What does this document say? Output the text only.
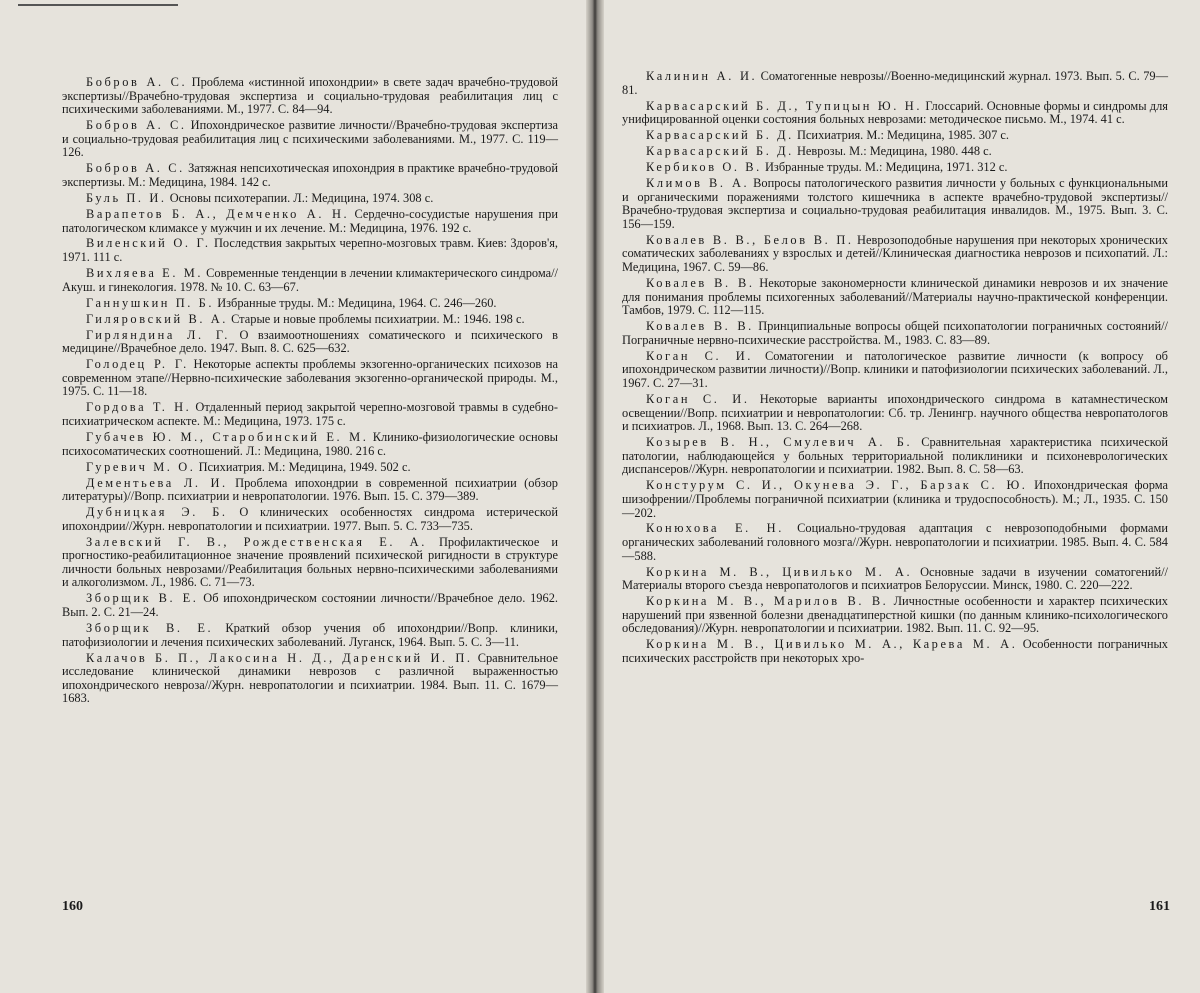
Бобров А. С. Проблема «истинной ипохондрии» в свете задач врачебно-трудовой экспертизы//Врачебно-трудовая экспертиза и социально-трудовая реабилитация лиц с психическими заболеваниями. М., 1977. С. 84—94.

Бобров А. С. Ипохондрическое развитие личности//Врачебно-трудовая экспертиза и социально-трудовая реабилитация лиц с психическими заболеваниями. М., 1977. С. 119—126.

Бобров А. С. Затяжная непсихотическая ипохондрия в практике врачебно-трудовой экспертизы. М.: Медицина, 1984. 142 с.

Буль П. И. Основы психотерапии. Л.: Медицина, 1974. 308 с.

Варапетов Б. А., Демченко А. Н. Сердечно-сосудистые нарушения при патологическом климаксе у мужчин и их лечение. М.: Медицина, 1976. 192 с.

Виленский О. Г. Последствия закрытых черепно-мозговых травм. Киев: Здоров'я, 1971. 111 с.

Вихляева Е. М. Современные тенденции в лечении климактерического синдрома//Акуш. и гинекология. 1978. № 10. С. 63—67.

Ганнушкин П. Б. Избранные труды. М.: Медицина, 1964. С. 246—260.

Гиляровский В. А. Старые и новые проблемы психиатрии. М.: 1946. 198 с.

Гирляндина Л. Г. О взаимоотношениях соматического и психического в медицине//Врачебное дело. 1947. Вып. 8. С. 625—632.

Голодец Р. Г. Некоторые аспекты проблемы экзогенно-органических психозов на современном этапе//Нервно-психические заболевания экзогенно-органической природы. М., 1975. С. 11—18.

Гордова Т. Н. Отдаленный период закрытой черепно-мозговой травмы в судебно-психиатрическом аспекте. М.: Медицина, 1973. 175 с.

Губачев Ю. М., Старобинский Е. М. Клинико-физиологические основы психосоматических соотношений. Л.: Медицина, 1980. 216 с.

Гуревич М. О. Психиатрия. М.: Медицина, 1949. 502 с.

Дементьева Л. И. Проблема ипохондрии в современной психиатрии (обзор литературы)//Вопр. психиатрии и невропатологии. 1976. Вып. 15. С. 379—389.

Дубницкая Э. Б. О клинических особенностях синдрома истерической ипохондрии//Журн. невропатологии и психиатрии. 1977. Вып. 5. С. 733—735.

Залевский Г. В., Рождественская Е. А. Профилактическое и прогностико-реабилитационное значение проявлений психической ригидности в структуре личности больных неврозами//Реабилитация больных нервно-психическими заболеваниями и алкоголизмом. Л., 1986. С. 71—73.

Зборщик В. Е. Об ипохондрическом состоянии личности//Врачебное дело. 1962. Вып. 2. С. 21—24.

Зборщик В. Е. Краткий обзор учения об ипохондрии//Вопр. клиники, патофизиологии и лечения психических заболеваний. Луганск, 1964. Вып. 5. С. 3—11.

Калачов Б. П., Лакосина Н. Д., Даренский И. П. Сравнительное исследование клинической динамики неврозов с различной выраженностью ипохондрического невроза//Журн. невропатологии и психиатрии. 1984. Вып. 11. С. 1679—1683.

160

Калинин А. И. Соматогенные неврозы//Военно-медицинский журнал. 1973. Вып. 5. С. 79—81.

Карвасарский Б. Д., Тупицын Ю. Н. Глоссарий. Основные формы и синдромы для унифицированной оценки состояния больных неврозами: методическое письмо. М., 1974. 41 с.

Карвасарский Б. Д. Психиатрия. М.: Медицина, 1985. 307 с.

Карвасарский Б. Д. Неврозы. М.: Медицина, 1980. 448 с.

Кербиков О. В. Избранные труды. М.: Медицина, 1971. 312 с.

Климов В. А. Вопросы патологического развития личности у больных с функциональными и органическими поражениями толстого кишечника в аспекте врачебно-трудовой экспертизы//Врачебно-трудовая экспертиза и социально-трудовая реабилитация инвалидов. М., 1975. Вып. 3. С. 156—159.

Ковалев В. В., Белов В. П. Неврозоподобные нарушения при некоторых хронических соматических заболеваниях у взрослых и детей//Клиническая диагностика неврозов и психопатий. Л.: Медицина, 1967. С. 59—86.

Ковалев В. В. Некоторые закономерности клинической динамики неврозов и их значение для понимания проблемы психогенных заболеваний//Материалы научно-практической конференции. Тамбов, 1979. С. 112—115.

Ковалев В. В. Принципиальные вопросы общей психопатологии пограничных состояний//Пограничные нервно-психические расстройства. М., 1983. С. 83—89.

Коган С. И. Соматогении и патологическое развитие личности (к вопросу об ипохондрическом развитии личности)//Вопр. клиники и патофизиологии психических заболеваний. Л., 1967. С. 27—31.

Коган С. И. Некоторые варианты ипохондрического синдрома в катамнестическом освещении//Вопр. психиатрии и невропатологии: Сб. тр. Ленингр. научного общества невропатологов и психиатров. Л., 1968. Вып. 13. С. 264—268.

Козырев В. Н., Смулевич А. Б. Сравнительная характеристика психической патологии, наблюдающейся у больных территориальной поликлиники и психоневрологических диспансеров//Журн. невропатологии и психиатрии. 1982. Вып. 8. С. 58—63.

Констурум С. И., Окунева Э. Г., Барзак С. Ю. Ипохондрическая форма шизофрении//Проблемы пограничной психиатрии (клиника и трудоспособность). М.; Л., 1935. С. 150—202.

Конюхова Е. Н. Социально-трудовая адаптация с неврозоподобными формами органических заболеваний головного мозга//Журн. невропатологии и психиатрии. 1985. Вып. 4. С. 584—588.

Коркина М. В., Цивилько М. А. Основные задачи в изучении соматогений//Материалы второго съезда невропатологов и психиатров Белоруссии. Минск, 1980. С. 220—222.

Коркина М. В., Марилов В. В. Личностные особенности и характер психических нарушений при язвенной болезни двенадцатиперстной кишки (по данным клинико-психологического обследования)//Журн. невропатологии и психиатрии. 1982. Вып. 11. С. 92—95.

Коркина М. В., Цивилько М. А., Карева М. А. Особенности пограничных психических расстройств при некоторых хро-

161
